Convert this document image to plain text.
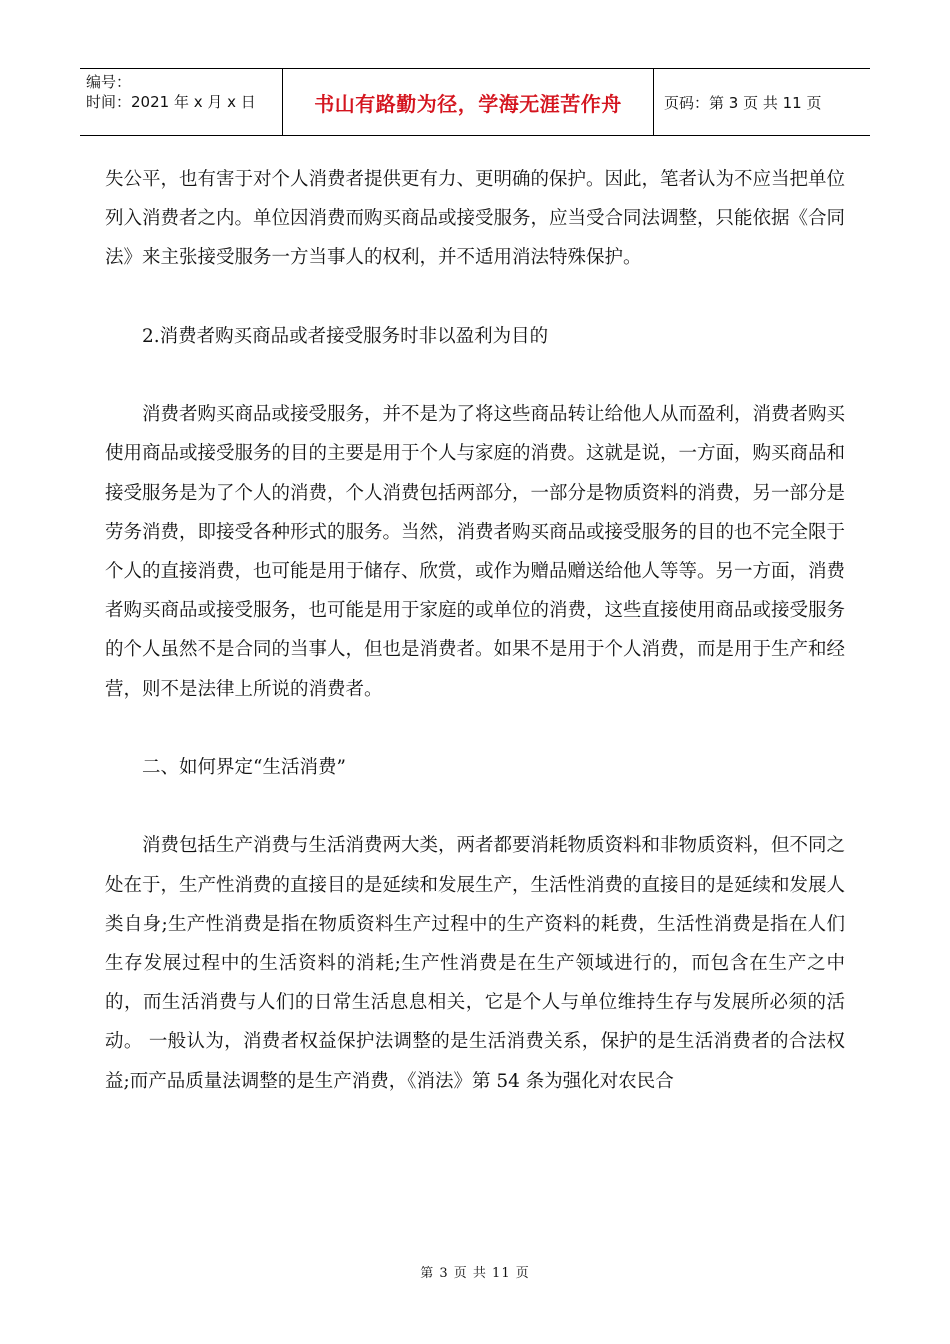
编号：
时间：2021 年 x 月 x 日	书山有路勤为径，学海无涯苦作舟	页码：第 3 页 共 11 页

失公平，也有害于对个人消费者提供更有力、更明确的保护。因此，笔者认为不应当把单位列入消费者之内。单位因消费而购买商品或接受服务，应当受合同法调整，只能依据《合同法》来主张接受服务一方当事人的权利，并不适用消法特殊保护。

2.消费者购买商品或者接受服务时非以盈利为目的

消费者购买商品或接受服务，并不是为了将这些商品转让给他人从而盈利，消费者购买使用商品或接受服务的目的主要是用于个人与家庭的消费。这就是说，一方面，购买商品和接受服务是为了个人的消费，个人消费包括两部分，一部分是物质资料的消费，另一部分是劳务消费，即接受各种形式的服务。当然，消费者购买商品或接受服务的目的也不完全限于个人的直接消费，也可能是用于储存、欣赏，或作为赠品赠送给他人等等。另一方面，消费者购买商品或接受服务，也可能是用于家庭的或单位的消费，这些直接使用商品或接受服务的个人虽然不是合同的当事人，但也是消费者。如果不是用于个人消费，而是用于生产和经营，则不是法律上所说的消费者。

二、如何界定“生活消费”

消费包括生产消费与生活消费两大类，两者都要消耗物质资料和非物质资料，但不同之处在于，生产性消费的直接目的是延续和发展生产，生活性消费的直接目的是延续和发展人类自身;生产性消费是指在物质资料生产过程中的生产资料的耗费，生活性消费是指在人们生存发展过程中的生活资料的消耗;生产性消费是在生产领域进行的，而包含在生产之中的，而生活消费与人们的日常生活息息相关，它是个人与单位维持生存与发展所必须的活动。 一般认为，消费者权益保护法调整的是生活消费关系，保护的是生活消费者的合法权益;而产品质量法调整的是生产消费，《消法》第 54 条为强化对农民合

第 3 页 共 11 页
